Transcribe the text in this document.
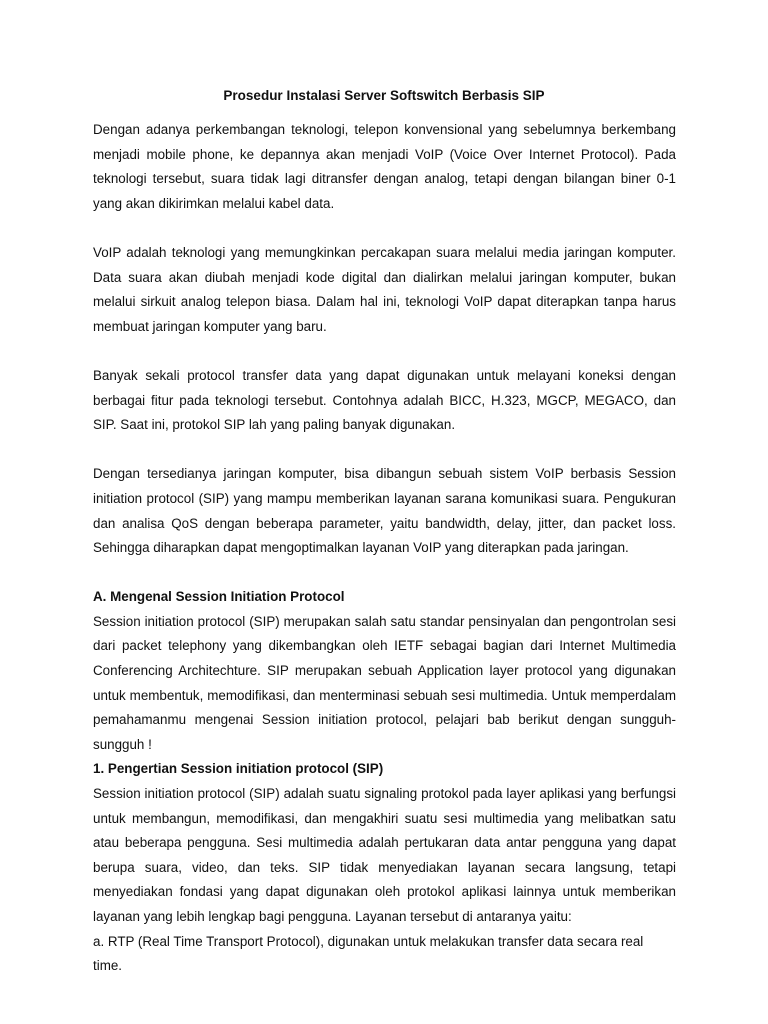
Prosedur Instalasi Server Softswitch Berbasis SIP

Dengan adanya perkembangan teknologi, telepon konvensional yang sebelumnya berkembang menjadi mobile phone, ke depannya akan menjadi VoIP (Voice Over Internet Protocol). Pada teknologi tersebut, suara tidak lagi ditransfer dengan analog, tetapi dengan bilangan biner 0-1 yang akan dikirimkan melalui kabel data.

VoIP adalah teknologi yang memungkinkan percakapan suara melalui media jaringan komputer. Data suara akan diubah menjadi kode digital dan dialirkan melalui jaringan komputer, bukan melalui sirkuit analog telepon biasa. Dalam hal ini, teknologi VoIP dapat diterapkan tanpa harus membuat jaringan komputer yang baru.

Banyak sekali protocol transfer data yang dapat digunakan untuk melayani koneksi dengan berbagai fitur pada teknologi tersebut. Contohnya adalah BICC, H.323, MGCP, MEGACO, dan SIP. Saat ini, protokol SIP lah yang paling banyak digunakan.

Dengan tersedianya jaringan komputer, bisa dibangun sebuah sistem VoIP berbasis Session initiation protocol (SIP) yang mampu memberikan layanan sarana komunikasi suara. Pengukuran dan analisa QoS dengan beberapa parameter, yaitu bandwidth, delay, jitter, dan packet loss. Sehingga diharapkan dapat mengoptimalkan layanan VoIP yang diterapkan pada jaringan.

A. Mengenal Session Initiation Protocol

Session initiation protocol (SIP) merupakan salah satu standar pensinyalan dan pengontrolan sesi dari packet telephony yang dikembangkan oleh IETF sebagai bagian dari Internet Multimedia Conferencing Architechture. SIP merupakan sebuah Application layer protocol yang digunakan untuk membentuk, memodifikasi, dan menterminasi sebuah sesi multimedia. Untuk memperdalam pemahamanmu mengenai Session initiation protocol, pelajari bab berikut dengan sungguh-sungguh !

1. Pengertian Session initiation protocol (SIP)

Session initiation protocol (SIP) adalah suatu signaling protokol pada layer aplikasi yang berfungsi untuk membangun, memodifikasi, dan mengakhiri suatu sesi multimedia yang melibatkan satu atau beberapa pengguna. Sesi multimedia adalah pertukaran data antar pengguna yang dapat berupa suara, video, dan teks. SIP tidak menyediakan layanan secara langsung, tetapi menyediakan fondasi yang dapat digunakan oleh protokol aplikasi lainnya untuk memberikan layanan yang lebih lengkap bagi pengguna. Layanan tersebut di antaranya yaitu:

a. RTP (Real Time Transport Protocol), digunakan untuk melakukan transfer data secara real time.
